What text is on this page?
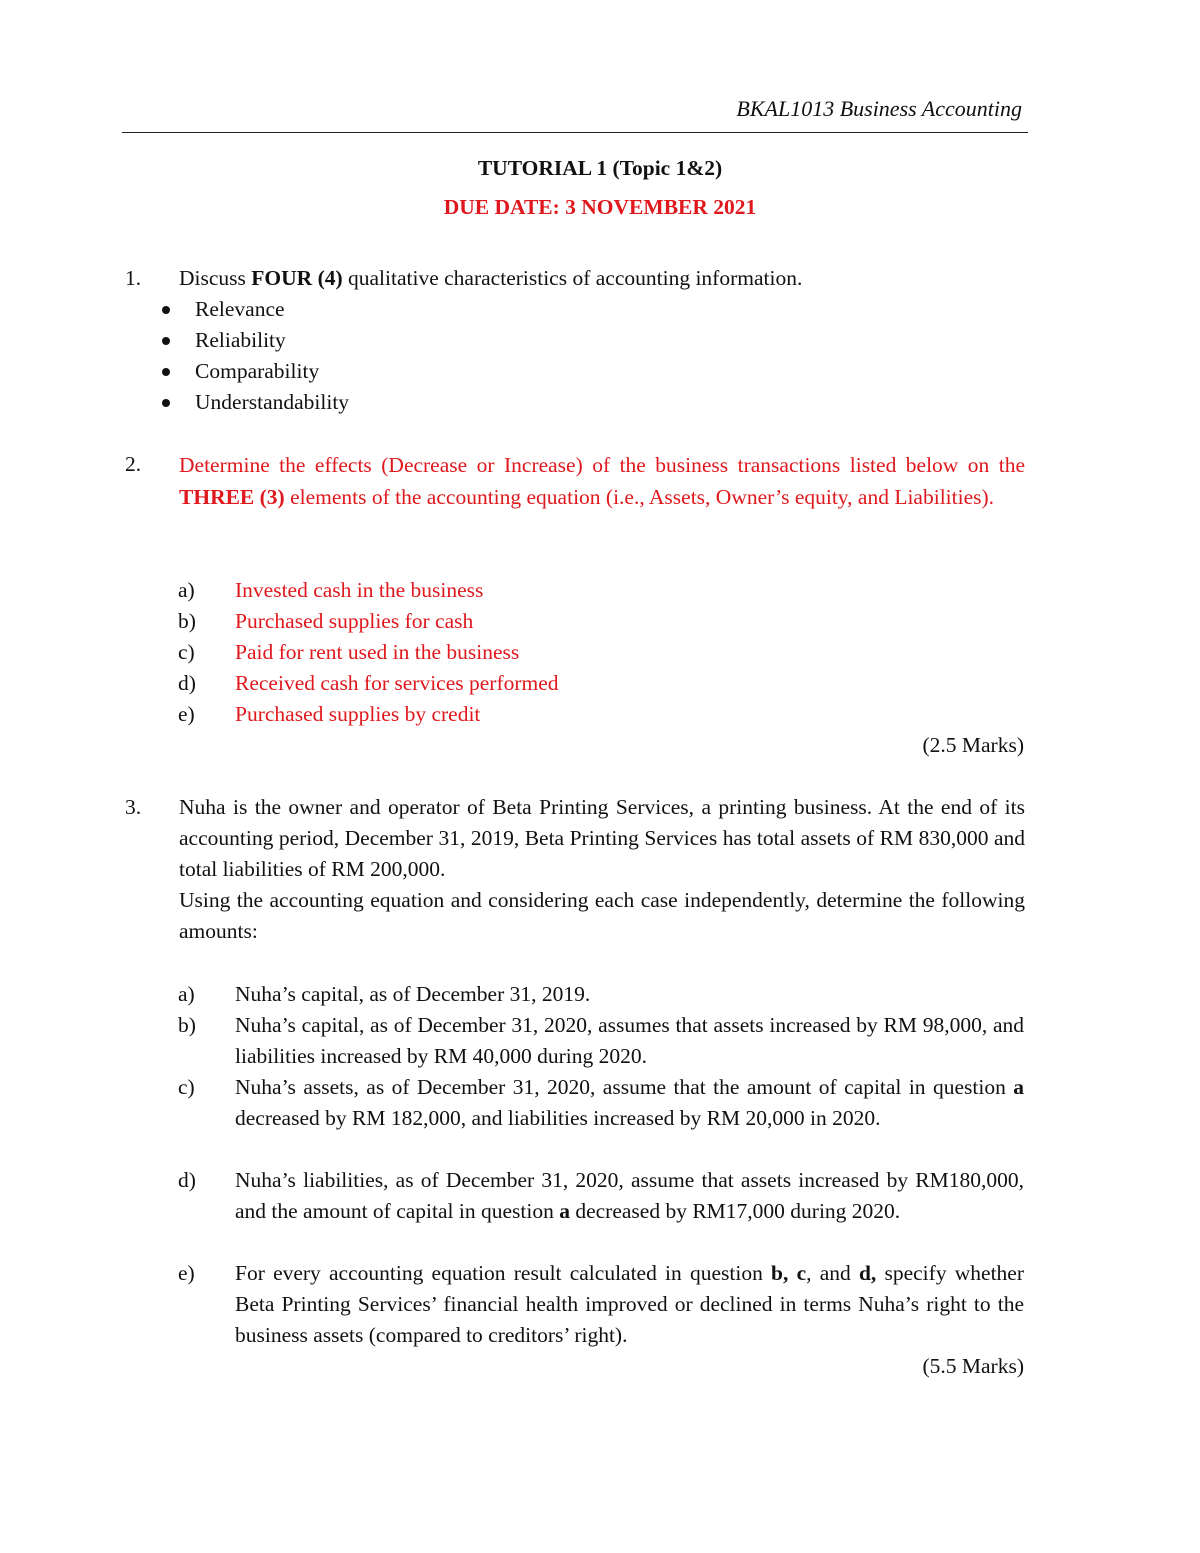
BKAL1013 Business Accounting
TUTORIAL 1 (Topic 1&2)
DUE DATE: 3 NOVEMBER 2021
1.	Discuss FOUR (4) qualitative characteristics of accounting information.
Relevance
Reliability
Comparability
Understandability
2.	Determine the effects (Decrease or Increase) of the business transactions listed below on the THREE (3) elements of the accounting equation (i.e., Assets, Owner’s equity, and Liabilities).
a)	Invested cash in the business
b)	Purchased supplies for cash
c)	Paid for rent used in the business
d)	Received cash for services performed
e)	Purchased supplies by credit
(2.5 Marks)
3.	Nuha is the owner and operator of Beta Printing Services, a printing business. At the end of its accounting period, December 31, 2019, Beta Printing Services has total assets of RM 830,000 and total liabilities of RM 200,000.
Using the accounting equation and considering each case independently, determine the following amounts:
a)	Nuha’s capital, as of December 31, 2019.
b)	Nuha’s capital, as of December 31, 2020, assumes that assets increased by RM 98,000, and liabilities increased by RM 40,000 during 2020.
c)	Nuha’s assets, as of December 31, 2020, assume that the amount of capital in question a decreased by RM 182,000, and liabilities increased by RM 20,000 in 2020.
d)	Nuha’s liabilities, as of December 31, 2020, assume that assets increased by RM180,000, and the amount of capital in question a decreased by RM17,000 during 2020.
e)	For every accounting equation result calculated in question b, c, and d, specify whether Beta Printing Services’ financial health improved or declined in terms Nuha’s right to the business assets (compared to creditors’ right).
(5.5 Marks)
